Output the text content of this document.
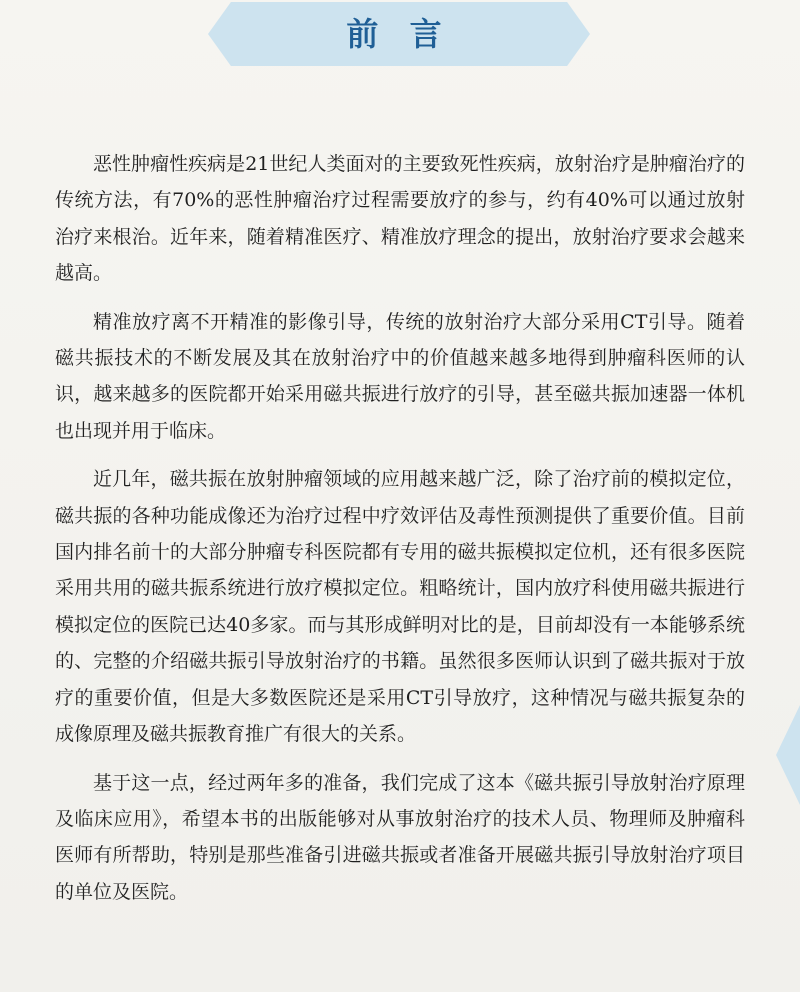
前 言

恶性肿瘤性疾病是21世纪人类面对的主要致死性疾病，放射治疗是肿瘤治疗的传统方法，有70%的恶性肿瘤治疗过程需要放疗的参与，约有40%可以通过放射治疗来根治。近年来，随着精准医疗、精准放疗理念的提出，放射治疗要求会越来越高。

精准放疗离不开精准的影像引导，传统的放射治疗大部分采用CT引导。随着磁共振技术的不断发展及其在放射治疗中的价值越来越多地得到肿瘤科医师的认识，越来越多的医院都开始采用磁共振进行放疗的引导，甚至磁共振加速器一体机也出现并用于临床。

近几年，磁共振在放射肿瘤领域的应用越来越广泛，除了治疗前的模拟定位，磁共振的各种功能成像还为治疗过程中疗效评估及毒性预测提供了重要价值。目前国内排名前十的大部分肿瘤专科医院都有专用的磁共振模拟定位机，还有很多医院采用共用的磁共振系统进行放疗模拟定位。粗略统计，国内放疗科使用磁共振进行模拟定位的医院已达40多家。而与其形成鲜明对比的是，目前却没有一本能够系统的、完整的介绍磁共振引导放射治疗的书籍。虽然很多医师认识到了磁共振对于放疗的重要价值，但是大多数医院还是采用CT引导放疗，这种情况与磁共振复杂的成像原理及磁共振教育推广有很大的关系。

基于这一点，经过两年多的准备，我们完成了这本《磁共振引导放射治疗原理及临床应用》，希望本书的出版能够对从事放射治疗的技术人员、物理师及肿瘤科医师有所帮助，特别是那些准备引进磁共振或者准备开展磁共振引导放射治疗项目的单位及医院。
